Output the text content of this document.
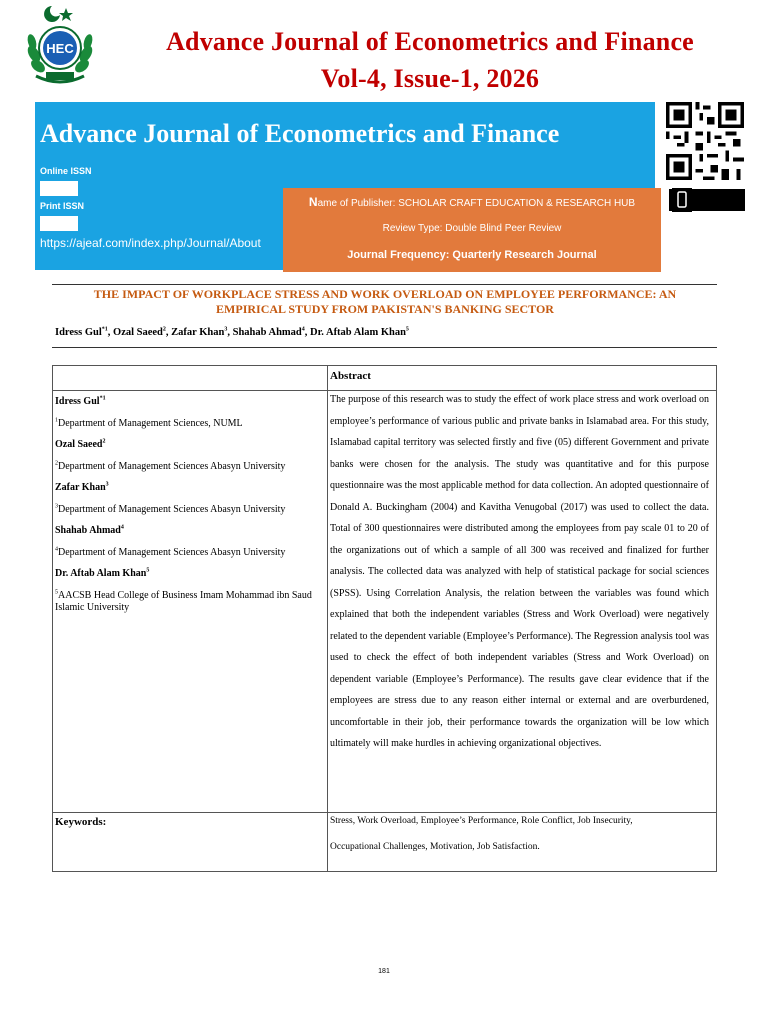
HEC	Advance Journal of Econometrics and Finance
Vol-4, Issue-1, 2026
Advance Journal of Econometrics and Finance
Online ISSN
Print ISSN
https://ajeaf.com/index.php/Journal/About
Name of Publisher: SCHOLAR CRAFT EDUCATION & RESEARCH HUB
Review Type: Double Blind Peer Review
Journal Frequency: Quarterly Research Journal
THE IMPACT OF WORKPLACE STRESS AND WORK OVERLOAD ON EMPLOYEE PERFORMANCE: AN EMPIRICAL STUDY FROM PAKISTAN'S BANKING SECTOR
Idress Gul$^{*1}$, Ozal Saeed$^2$, Zafar Khan$^3$, Shahab Ahmad$^4$, Dr. Aftab Alam Khan$^5$
Abstract
Idress Gul$^{*1}$
$^1$Department of Management Sciences, NUML
Ozal Saeed$^2$
$^2$Department of Management Sciences Abasyn University
Zafar Khan$^3$
$^3$Department of Management Sciences Abasyn University
Shahab Ahmad$^4$
$^4$Department of Management Sciences Abasyn University
Dr. Aftab Alam Khan$^5$
$^5$AACSB Head College of Business Imam Mohammad ibn Saud Islamic University
The purpose of this research was to study the effect of work place stress and work overload on employee’s performance of various public and private banks in Islamabad area. For this study, Islamabad capital territory was selected firstly and five (05) different Government and private banks were chosen for the analysis. The study was quantitative and for this purpose questionnaire was the most applicable method for data collection. An adopted questionnaire of Donald A. Buckingham (2004) and Kavitha Venugobal (2017) was used to collect the data. Total of 300 questionnaires were distributed among the employees from pay scale 01 to 20 of the organizations out of which a sample of all 300 was received and finalized for further analysis. The collected data was analyzed with help of statistical package for social sciences (SPSS). Using Correlation Analysis, the relation between the variables was found which explained that both the independent variables (Stress and Work Overload) were negatively related to the dependent variable (Employee’s Performance). The Regression analysis tool was used to check the effect of both independent variables (Stress and Work Overload) on dependent variable (Employee’s Performance). The results gave clear evidence that if the employees are stress due to any reason either internal or external and are overburdened, uncomfortable in their job, their performance towards the organization will be low which ultimately will make hurdles in achieving organizational objectives.
Keywords:	Stress, Work Overload, Employee’s Performance, Role Conflict, Job Insecurity,
Occupational Challenges, Motivation, Job Satisfaction.
181
